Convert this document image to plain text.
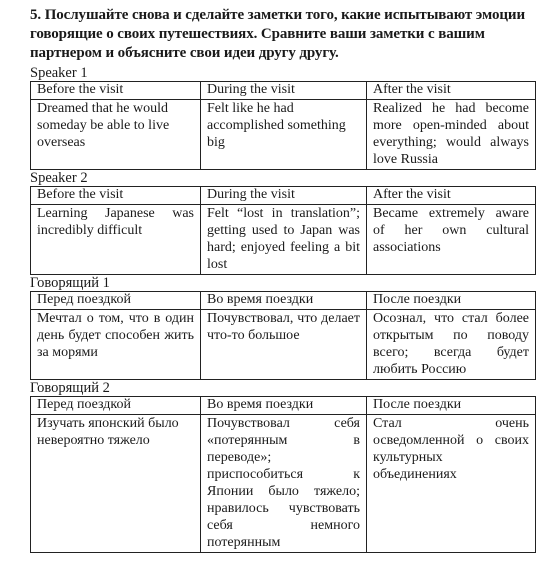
5. Послушайте снова и сделайте заметки того, какие испытывают эмоции говорящие о своих путешествиях. Сравните ваши заметки с вашим партнером и объясните свои идеи другу другу.

Speaker 1
Before the visit	During the visit	After the visit
Dreamed that he would someday be able to live overseas	Felt like he had accomplished something big	Realized he had become more open-minded about everything; would always love Russia
Speaker 2
Before the visit	During the visit	After the visit
Learning Japanese was incredibly difficult	Felt “lost in translation”; getting used to Japan was hard; enjoyed feeling a bit lost	Became extremely aware of her own cultural associations
Говорящий 1
Перед поездкой	Во время поездки	После поездки
Мечтал о том, что в один день будет способен жить за морями	Почувствовал, что делает что-то большое	Осознал, что стал более открытым по поводу всего; всегда будет любить Россию
Говорящий 2
Перед поездкой	Во время поездки	После поездки
Изучать японский было невероятно тяжело	Почувствовал себя «потерянным в переводе»; приспособиться к Японии было тяжело; нравилось чувствовать себя немного потерянным	Стал очень осведомленной о своих культурных объединениях
